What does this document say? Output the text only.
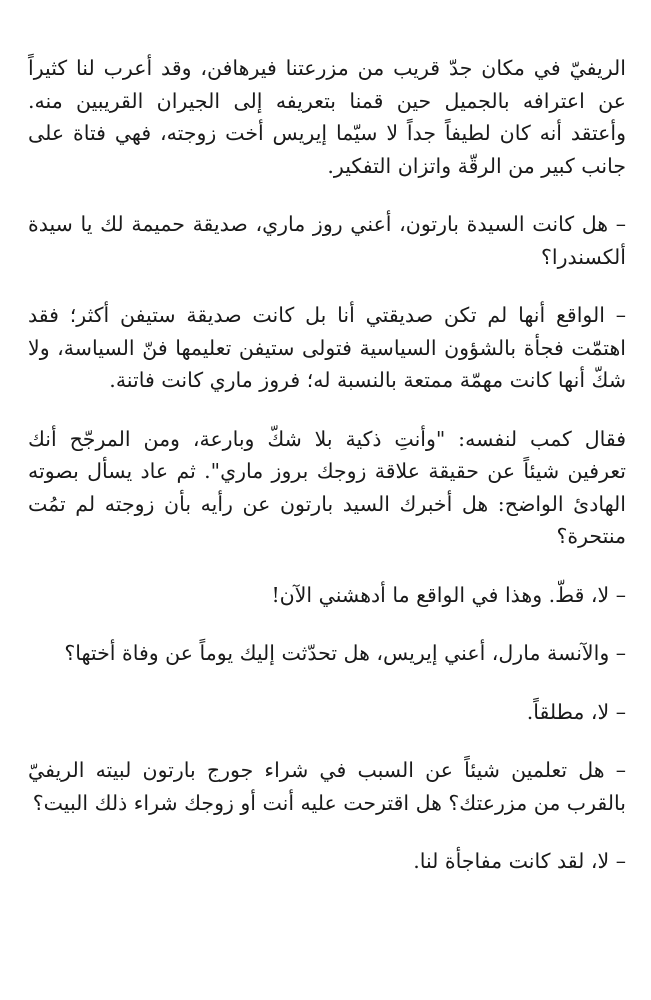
الريفيّ في مكان جدّ قريب من مزرعتنا فيرهافن، وقد أعرب لنا كثيراً عن اعترافه بالجميل حين قمنا بتعريفه إلى الجيران القريبين منه. وأعتقد أنه كان لطيفاً جداً لا سيّما إيريس أخت زوجته، فهي فتاة على جانب كبير من الرقّة واتزان التفكير.

– هل كانت السيدة بارتون، أعني روز ماري، صديقة حميمة لك يا سيدة ألكسندرا؟

– الواقع أنها لم تكن صديقتي أنا بل كانت صديقة ستيفن أكثر؛ فقد اهتمّت فجأة بالشؤون السياسية فتولى ستيفن تعليمها فنّ السياسة، ولا شكّ أنها كانت مهمّة ممتعة بالنسبة له؛ فروز ماري كانت فاتنة.

فقال كمب لنفسه: "وأنتِ ذكية بلا شكّ وبارعة، ومن المرجّح أنك تعرفين شيئاً عن حقيقة علاقة زوجك بروز ماري". ثم عاد يسأل بصوته الهادئ الواضح: هل أخبرك السيد بارتون عن رأيه بأن زوجته لم تمُت منتحرة؟

– لا، قطّ. وهذا في الواقع ما أدهشني الآن!

– والآنسة مارل، أعني إيريس، هل تحدّثت إليك يوماً عن وفاة أختها؟

– لا، مطلقاً.

– هل تعلمين شيئاً عن السبب في شراء جورج بارتون لبيته الريفيّ بالقرب من مزرعتك؟ هل اقترحت عليه أنت أو زوجك شراء ذلك البيت؟

– لا، لقد كانت مفاجأة لنا.
